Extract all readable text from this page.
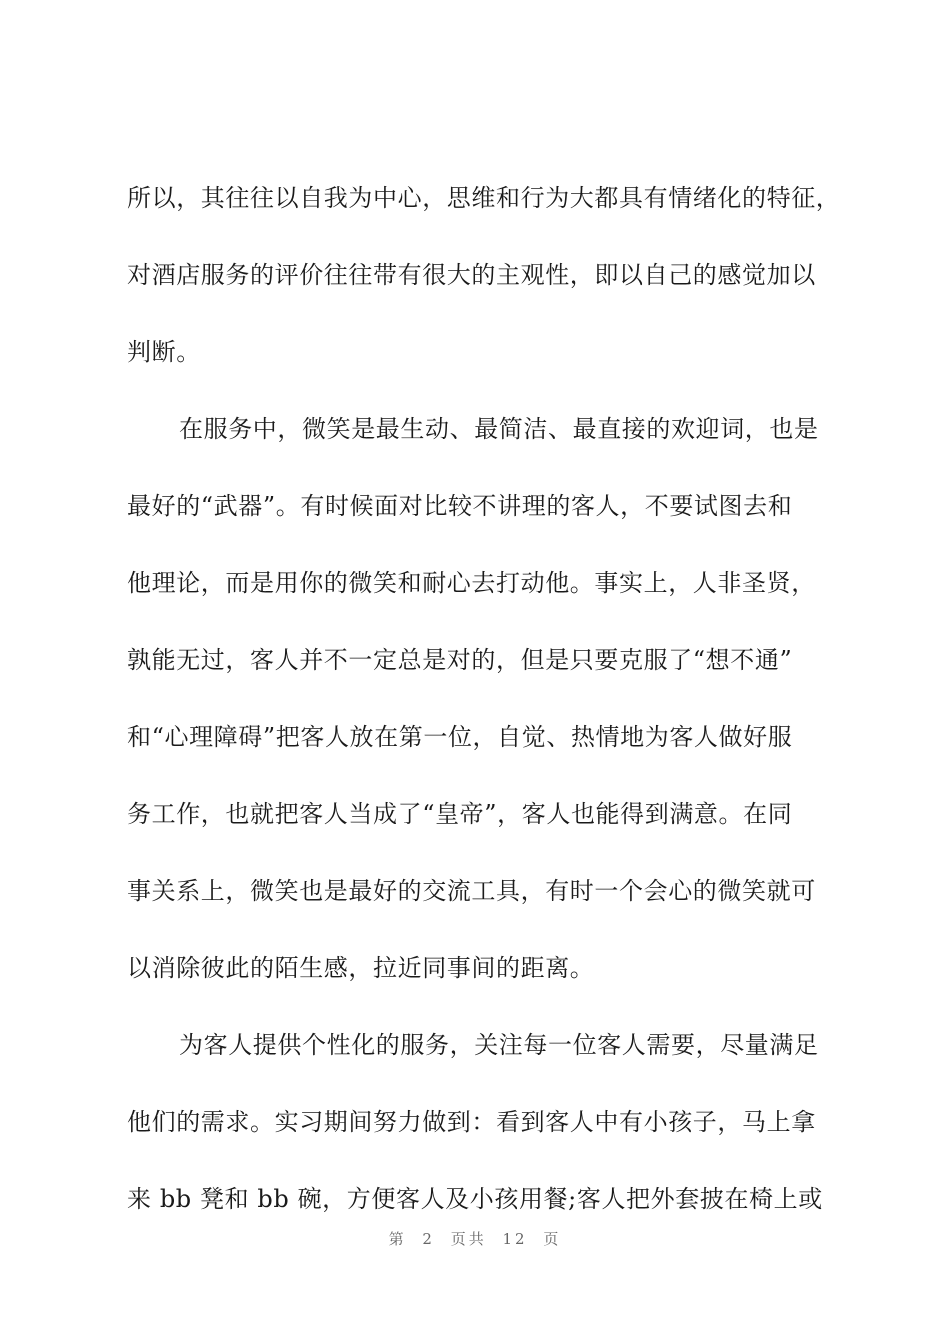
所以，其往往以自我为中心，思维和行为大都具有情绪化的特征，
对酒店服务的评价往往带有很大的主观性，即以自己的感觉加以
判断。
在服务中，微笑是最生动、最简洁、最直接的欢迎词，也是
最好的“武器”。有时候面对比较不讲理的客人，不要试图去和
他理论，而是用你的微笑和耐心去打动他。事实上，人非圣贤，
孰能无过，客人并不一定总是对的，但是只要克服了“想不通”
和“心理障碍”把客人放在第一位，自觉、热情地为客人做好服
务工作，也就把客人当成了“皇帝”，客人也能得到满意。在同
事关系上，微笑也是最好的交流工具，有时一个会心的微笑就可
以消除彼此的陌生感，拉近同事间的距离。
为客人提供个性化的服务，关注每一位客人需要，尽量满足
他们的需求。实习期间努力做到：看到客人中有小孩子，马上拿
来 bb 凳和 bb 碗，方便客人及小孩用餐;客人把外套披在椅上或
第 2 页共 12 页
